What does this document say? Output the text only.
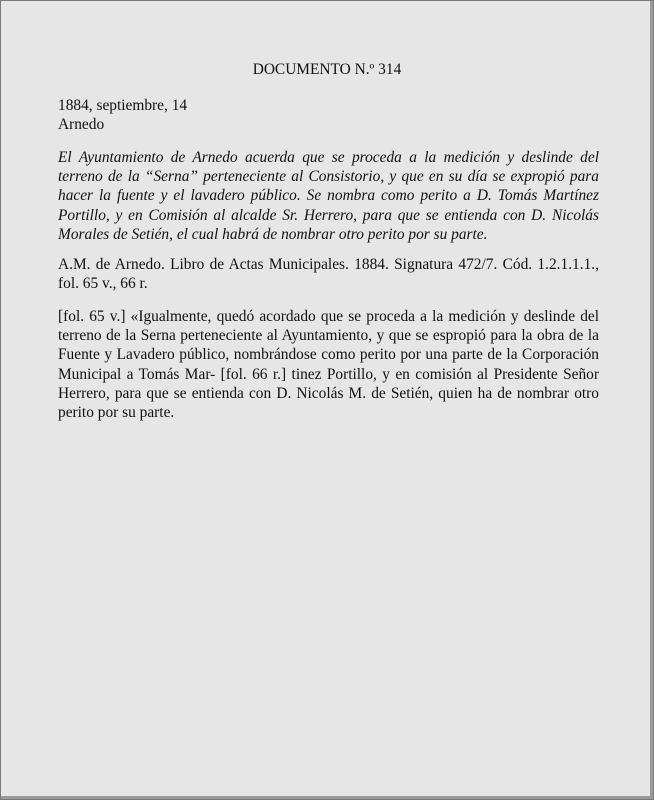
DOCUMENTO N.º 314
1884, septiembre, 14
Arnedo

El Ayuntamiento de Arnedo acuerda que se proceda a la medición y deslinde del terreno de la “Serna” perteneciente al Consistorio, y que en su día se expropió para hacer la fuente y el lavadero público. Se nombra como perito a D. Tomás Martínez Portillo, y en Comisión al alcalde Sr. Herrero, para que se entienda con D. Nicolás Morales de Setién, el cual habrá de nombrar otro perito por su parte.

A.M. de Arnedo. Libro de Actas Municipales. 1884. Signatura 472/7. Cód. 1.2.1.1.1., fol. 65 v., 66 r.

[fol. 65 v.] «Igualmente, quedó acordado que se proceda a la medición y deslinde del terreno de la Serna perteneciente al Ayuntamiento, y que se espropió para la obra de la Fuente y Lavadero público, nombrándose como perito por una parte de la Corporación Municipal a Tomás Mar- [fol. 66 r.] tinez Portillo, y en comisión al Presidente Señor Herrero, para que se entienda con D. Nicolás M. de Setién, quien ha de nombrar otro perito por su parte.
